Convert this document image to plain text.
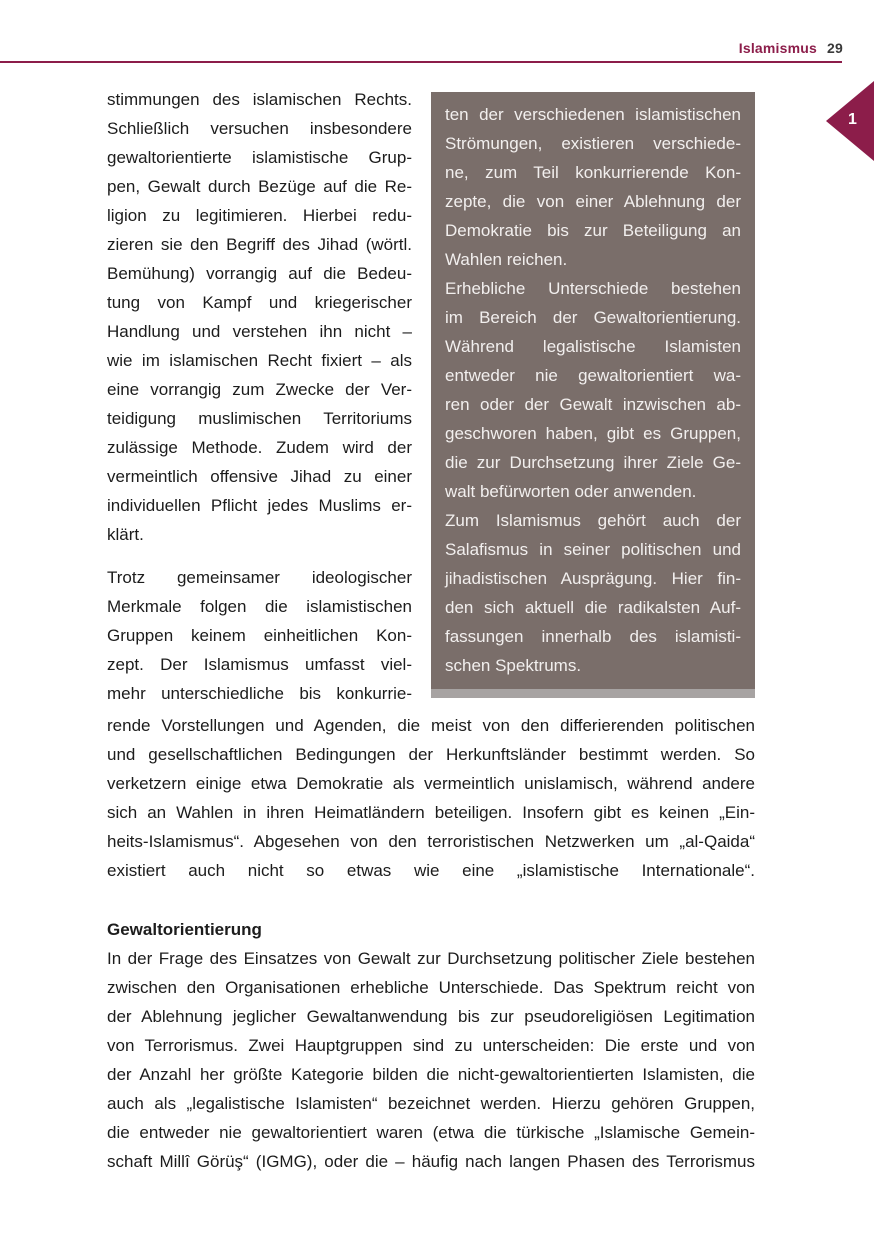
Islamismus 29
1

stimmungen des islamischen Rechts.
Schließlich versuchen insbesondere
gewaltorientierte islamistische Grup-
pen, Gewalt durch Bezüge auf die Re-
ligion zu legitimieren. Hierbei redu-
zieren sie den Begriff des Jihad (wörtl.
Bemühung) vorrangig auf die Bedeu-
tung von Kampf und kriegerischer
Handlung und verstehen ihn nicht –
wie im islamischen Recht fixiert – als
eine vorrangig zum Zwecke der Ver-
teidigung muslimischen Territoriums
zulässige Methode. Zudem wird der
vermeintlich offensive Jihad zu einer
individuellen Pflicht jedes Muslims er-
klärt.

Trotz gemeinsamer ideologischer
Merkmale folgen die islamistischen
Gruppen keinem einheitlichen Kon-
zept. Der Islamismus umfasst viel-
mehr unterschiedliche bis konkurrie-

ten der verschiedenen islamistischen
Strömungen, existieren verschiede-
ne, zum Teil konkurrierende Kon-
zepte, die von einer Ablehnung der
Demokratie bis zur Beteiligung an
Wahlen reichen.
Erhebliche Unterschiede bestehen
im Bereich der Gewaltorientierung.
Während legalistische Islamisten
entweder nie gewaltorientiert wa-
ren oder der Gewalt inzwischen ab-
geschworen haben, gibt es Gruppen,
die zur Durchsetzung ihrer Ziele Ge-
walt befürworten oder anwenden.
Zum Islamismus gehört auch der
Salafismus in seiner politischen und
jihadistischen Ausprägung. Hier fin-
den sich aktuell die radikalsten Auf-
fassungen innerhalb des islamisti-
schen Spektrums.
rende Vorstellungen und Agenden, die meist von den differierenden politischen
und gesellschaftlichen Bedingungen der Herkunftsländer bestimmt werden. So
verketzern einige etwa Demokratie als vermeintlich unislamisch, während andere
sich an Wahlen in ihren Heimatländern beteiligen. Insofern gibt es keinen „Ein-
heits-Islamismus“. Abgesehen von den terroristischen Netzwerken um „al-Qaida“
existiert auch nicht so etwas wie eine „islamistische Internationale“.
Gewaltorientierung
In der Frage des Einsatzes von Gewalt zur Durchsetzung politischer Ziele bestehen
zwischen den Organisationen erhebliche Unterschiede. Das Spektrum reicht von
der Ablehnung jeglicher Gewaltanwendung bis zur pseudoreligiösen Legitimation
von Terrorismus. Zwei Hauptgruppen sind zu unterscheiden: Die erste und von
der Anzahl her größte Kategorie bilden die nicht-gewaltorientierten Islamisten, die
auch als „legalistische Islamisten“ bezeichnet werden. Hierzu gehören Gruppen,
die entweder nie gewaltorientiert waren (etwa die türkische „Islamische Gemein-
schaft Millî Görüş“ (IGMG), oder die – häufig nach langen Phasen des Terrorismus
